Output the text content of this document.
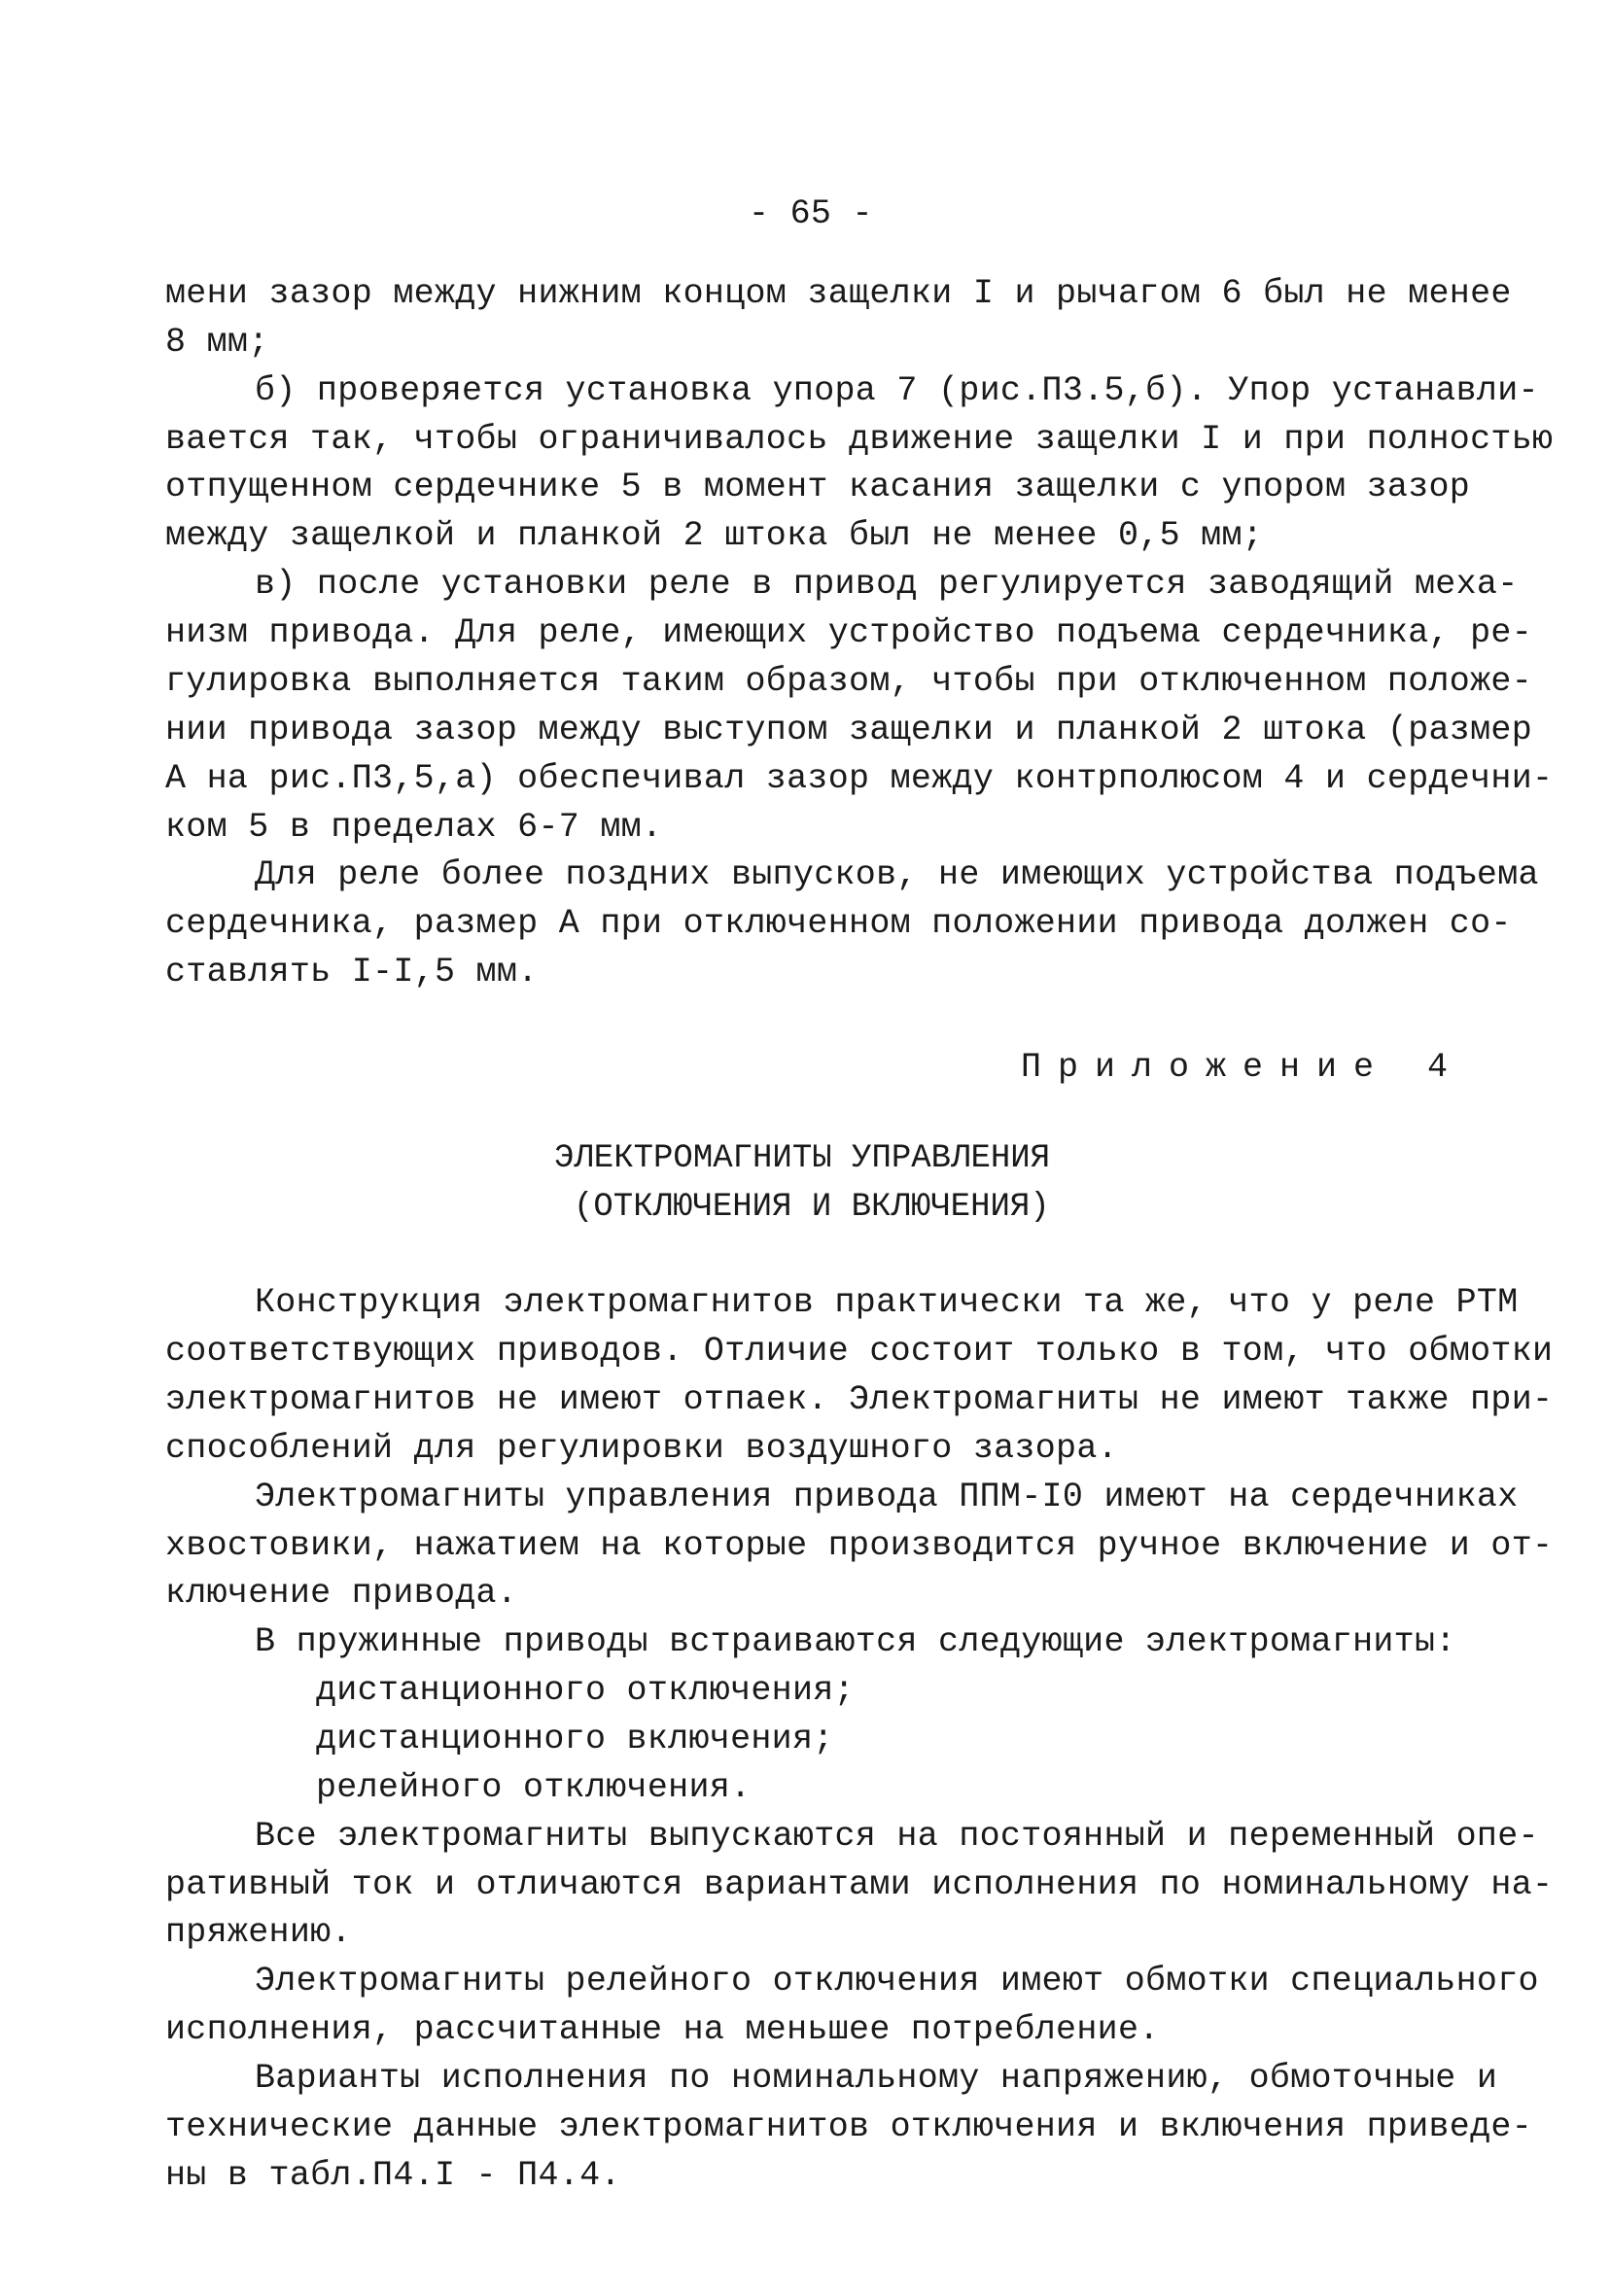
- 65 -
мени зазор между нижним концом защелки I и рычагом 6 был не менее
8 мм;
б) проверяется установка упора 7 (рис.П3.5,б). Упор устанавли-
вается так, чтобы ограничивалось движение защелки I и при полностью
отпущенном сердечнике 5 в момент касания защелки с упором зазор
между защелкой и планкой 2 штока был не менее 0,5 мм;
в) после установки реле в привод регулируется заводящий меха-
низм привода. Для реле, имеющих устройство подъема сердечника, ре-
гулировка выполняется таким образом, чтобы при отключенном положе-
нии привода зазор между выступом защелки и планкой 2 штока (размер
А на рис.П3,5,а) обеспечивал зазор между контрполюсом 4 и сердечни-
ком 5 в пределах 6-7 мм.
Для реле более поздних выпусков, не имеющих устройства подъема
сердечника, размер А при отключенном положении привода должен со-
ставлять I-I,5 мм.
Приложение 4
ЭЛЕКТРОМАГНИТЫ УПРАВЛЕНИЯ
(ОТКЛЮЧЕНИЯ И ВКЛЮЧЕНИЯ)
Конструкция электромагнитов практически та же, что у реле РТМ
соответствующих приводов. Отличие состоит только в том, что обмотки
электромагнитов не имеют отпаек. Электромагниты не имеют также при-
способлений для регулировки воздушного зазора.
Электромагниты управления привода ППМ-I0 имеют на сердечниках
хвостовики, нажатием на которые производится ручное включение и от-
ключение привода.
В пружинные приводы встраиваются следующие электромагниты:
дистанционного отключения;
дистанционного включения;
релейного отключения.
Все электромагниты выпускаются на постоянный и переменный опе-
ративный ток и отличаются вариантами исполнения по номинальному на-
пряжению.
Электромагниты релейного отключения имеют обмотки специального
исполнения, рассчитанные на меньшее потребление.
Варианты исполнения по номинальному напряжению, обмоточные и
технические данные электромагнитов отключения и включения приведе-
ны в табл.П4.I - П4.4.
